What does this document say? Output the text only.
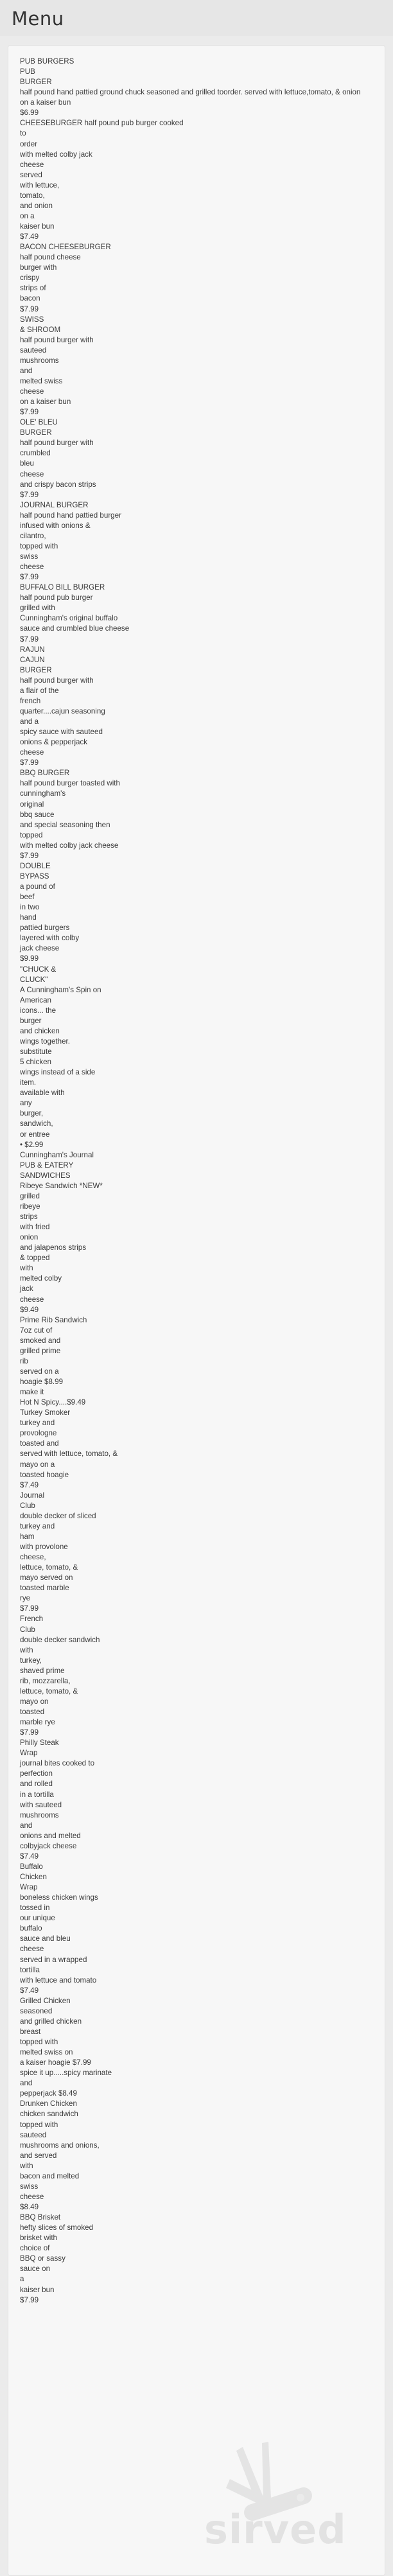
Menu
PUB BURGERS
PUB
BURGER
half pound hand pattied ground chuck seasoned and grilled toorder. served with lettuce,tomato, & onion
on a kaiser bun
$6.99
CHEESEBURGER half pound pub burger cooked
to
order
with melted colby jack
cheese
served
with lettuce,
tomato,
and onion
on a
kaiser bun
$7.49
BACON CHEESEBURGER
half pound cheese
burger with
crispy
strips of
bacon
$7.99
SWISS
& SHROOM
half pound burger with
sauteed
mushrooms
and
melted swiss
cheese
on a kaiser bun
$7.99
OLE' BLEU
BURGER
half pound burger with
crumbled
bleu
cheese
and crispy bacon strips
$7.99
JOURNAL BURGER
half pound hand pattied burger
infused with onions &
cilantro,
topped with
swiss
cheese
$7.99
BUFFALO BILL BURGER
half pound pub burger
grilled with
Cunningham's original buffalo
sauce and crumbled blue cheese
$7.99
RAJUN
CAJUN
BURGER
half pound burger with
a flair of the
french
quarter....cajun seasoning
and a
spicy sauce with sauteed
onions & pepperjack
cheese
$7.99
BBQ BURGER
half pound burger toasted with
cunningham's
original
bbq sauce
and special seasoning then
topped
with melted colby jack cheese
$7.99
DOUBLE
BYPASS
a pound of
beef
in two
hand
pattied burgers
layered with colby
jack cheese
$9.99
"CHUCK &
CLUCK"
A Cunningham's Spin on
American
icons... the
burger
and chicken
wings together.
substitute
5 chicken
wings instead of a side
item.
available with
any
burger,
sandwich,
or entree
• $2.99
Cunningham's Journal
PUB & EATERY
SANDWICHES
Ribeye Sandwich *NEW*
grilled
ribeye
strips
with fried
onion
and jalapenos strips
& topped
with
melted colby
jack
cheese
$9.49
Prime Rib Sandwich
7oz cut of
smoked and
grilled prime
rib
served on a
hoagie $8.99
make it
Hot N Spicy....$9.49
Turkey Smoker
turkey and
provologne
toasted and
served with lettuce, tomato, &
mayo on a
toasted hoagie
$7.49
Journal
Club
double decker of sliced
turkey and
ham
with provolone
cheese,
lettuce, tomato, &
mayo served on
toasted marble
rye
$7.99
French
Club
double decker sandwich
with
turkey,
shaved prime
rib, mozzarella,
lettuce, tomato, &
mayo on
toasted
marble rye
$7.99
Philly Steak
Wrap
journal bites cooked to
perfection
and rolled
in a tortilla
with sauteed
mushrooms
and
onions and melted
colbyjack cheese
$7.49
Buffalo
Chicken
Wrap
boneless chicken wings
tossed in
our unique
buffalo
sauce and bleu
cheese
served in a wrapped
tortilla
with lettuce and tomato
$7.49
Grilled Chicken
seasoned
and grilled chicken
breast
topped with
melted swiss on
a kaiser hoagie $7.99
spice it up.....spicy marinate
and
pepperjack $8.49
Drunken Chicken
chicken sandwich
topped with
sauteed
mushrooms and onions,
and served
with
bacon and melted
swiss
cheese
$8.49
BBQ Brisket
hefty slices of smoked
brisket with
choice of
BBQ or sassy
sauce on
a
kaiser bun
$7.99
sirved
